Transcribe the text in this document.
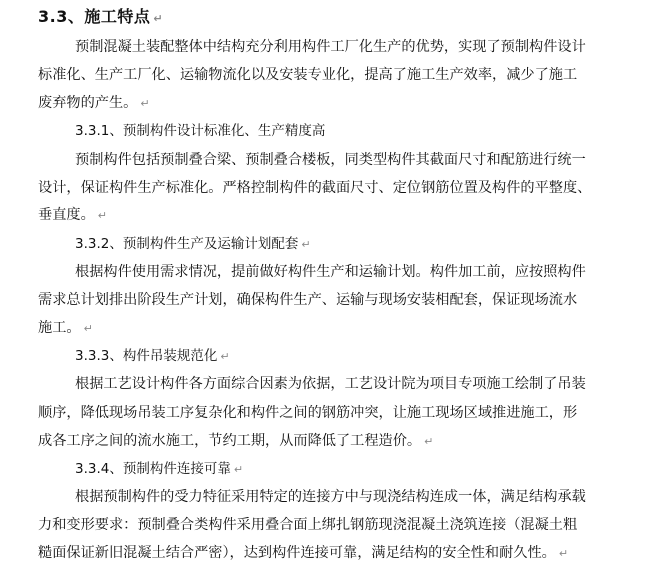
3.3、施工特点 ↵
预制混凝土装配整体中结构充分利用构件工厂化生产的优势，实现了预制构件设计
标准化、生产工厂化、运输物流化以及安装专业化，提高了施工生产效率，减少了施工
废弃物的产生。 ↵
3.3.1、预制构件设计标准化、生产精度高
预制构件包括预制叠合梁、预制叠合楼板，同类型构件其截面尺寸和配筋进行统一
设计，保证构件生产标准化。严格控制构件的截面尺寸、定位钢筋位置及构件的平整度、
垂直度。 ↵
3.3.2、预制构件生产及运输计划配套 ↵
根据构件使用需求情况，提前做好构件生产和运输计划。构件加工前，应按照构件
需求总计划排出阶段生产计划，确保构件生产、运输与现场安装相配套，保证现场流水
施工。 ↵
3.3.3、构件吊装规范化 ↵
根据工艺设计构件各方面综合因素为依据，工艺设计院为项目专项施工绘制了吊装
顺序，降低现场吊装工序复杂化和构件之间的钢筋冲突，让施工现场区域推进施工，形
成各工序之间的流水施工，节约工期，从而降低了工程造价。 ↵
3.3.4、预制构件连接可靠 ↵
根据预制构件的受力特征采用特定的连接方中与现浇结构连成一体，满足结构承载
力和变形要求：预制叠合类构件采用叠合面上绑扎钢筋现浇混凝土浇筑连接（混凝土粗
糙面保证新旧混凝土结合严密），达到构件连接可靠，满足结构的安全性和耐久性。 ↵
